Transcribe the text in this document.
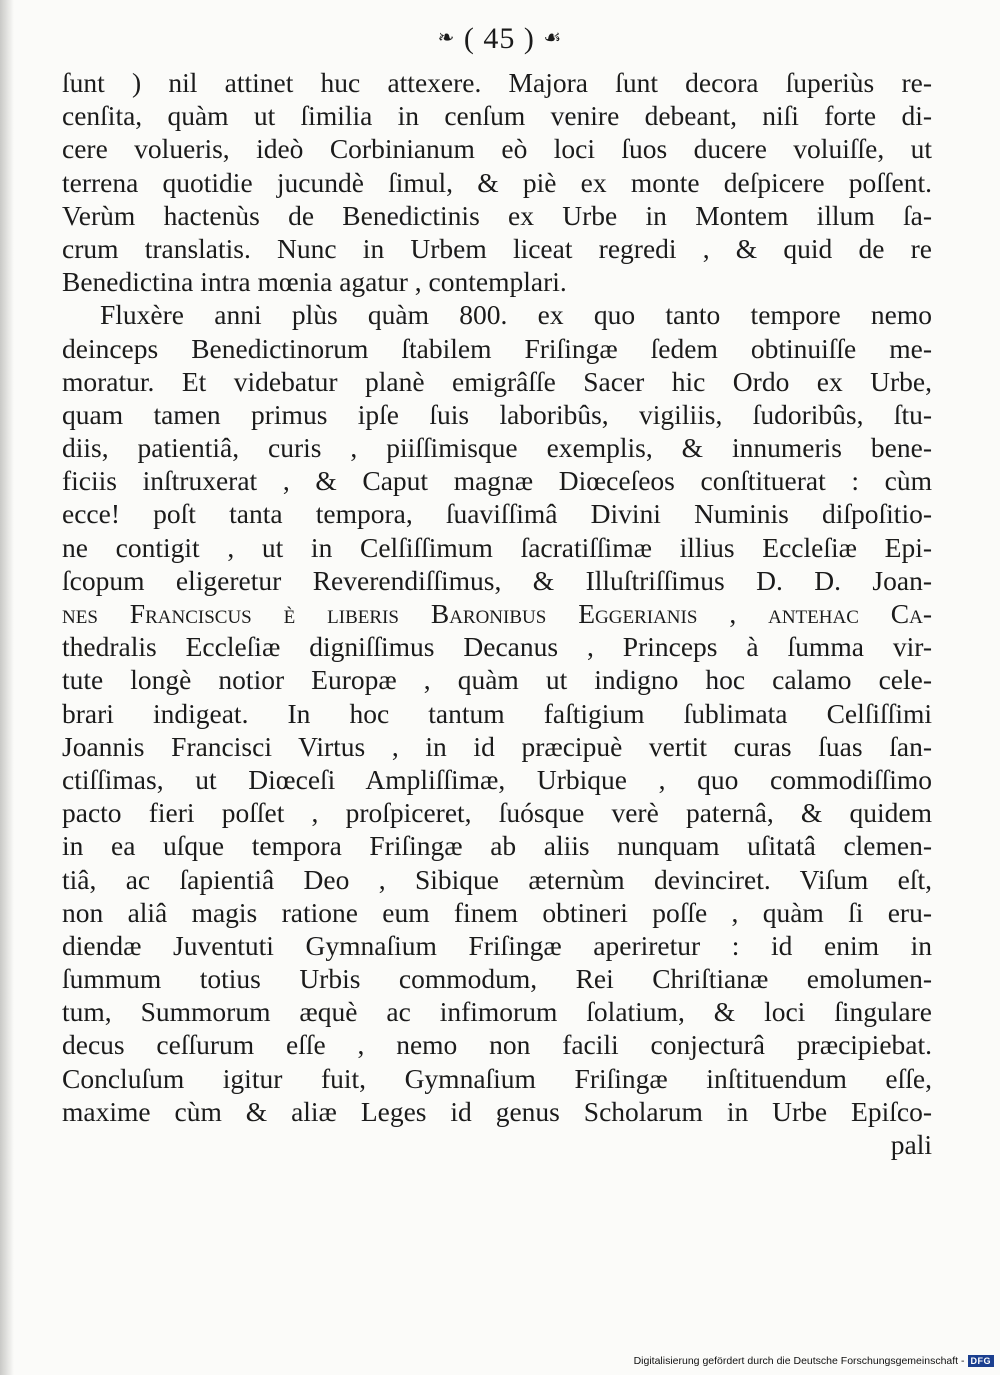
❧ ( 45 ) ☙
ſunt ) nil attinet huc attexere. Majora ſunt decora ſuperiùs re-
cenſita, quàm ut ſimilia in cenſum venire debeant, niſi forte di-
cere volueris, ideò Corbinianum eò loci ſuos ducere voluiſſe, ut
terrena quotidie jucundè ſimul, & piè ex monte deſpicere poſſent.
Verùm hactenùs de Benedictinis ex Urbe in Montem illum ſa-
crum translatis. Nunc in Urbem liceat regredi , & quid de re
Benedictina intra mœnia agatur , contemplari.
Fluxère anni plùs quàm 800. ex quo tanto tempore nemo
deinceps Benedictinorum ſtabilem Friſingæ ſedem obtinuiſſe me-
moratur. Et videbatur planè emigrâſſe Sacer hic Ordo ex Urbe,
quam tamen primus ipſe ſuis laboribûs, vigiliis, ſudoribûs, ſtu-
diis, patientiâ, curis , piiſſimisque exemplis, & innumeris bene-
ficiis inſtruxerat , & Caput magnæ Diœceſeos conſtituerat : cùm
ecce! poſt tanta tempora, ſuaviſſimâ Divini Numinis diſpoſitio-
ne contigit , ut in Celſiſſimum ſacratiſſimæ illius Eccleſiæ Epi-
ſcopum eligeretur Reverendiſſimus, & Illuſtriſſimus D. D. Joan-
nes Franciscus è liberis Baronibus Eggerianis , antehac Ca-
thedralis Eccleſiæ digniſſimus Decanus , Princeps à ſumma vir-
tute longè notior Europæ , quàm ut indigno hoc calamo cele-
brari indigeat. In hoc tantum faſtigium ſublimata Celſiſſimi
Joannis Francisci Virtus , in id præcipuè vertit curas ſuas ſan-
ctiſſimas, ut Diœceſi Ampliſſimæ, Urbique , quo commodiſſimo
pacto fieri poſſet , proſpiceret, ſuósque verè paternâ, & quidem
in ea uſque tempora Friſingæ ab aliis nunquam uſitatâ clemen-
tiâ, ac ſapientiâ Deo , Sibique æternùm devinciret. Viſum eſt,
non aliâ magis ratione eum finem obtineri poſſe , quàm ſi eru-
diendæ Juventuti Gymnaſium Friſingæ aperiretur : id enim in
ſummum totius Urbis commodum, Rei Chriſtianæ emolumen-
tum, Summorum æquè ac infimorum ſolatium, & loci ſingulare
decus ceſſurum eſſe , nemo non facili conjecturâ præcipiebat.
Concluſum igitur fuit, Gymnaſium Friſingæ inſtituendum eſſe,
maxime cùm & aliæ Leges id genus Scholarum in Urbe Epiſco-
pali
Digitalisierung gefördert durch die Deutsche Forschungsgemeinschaft - DFG
